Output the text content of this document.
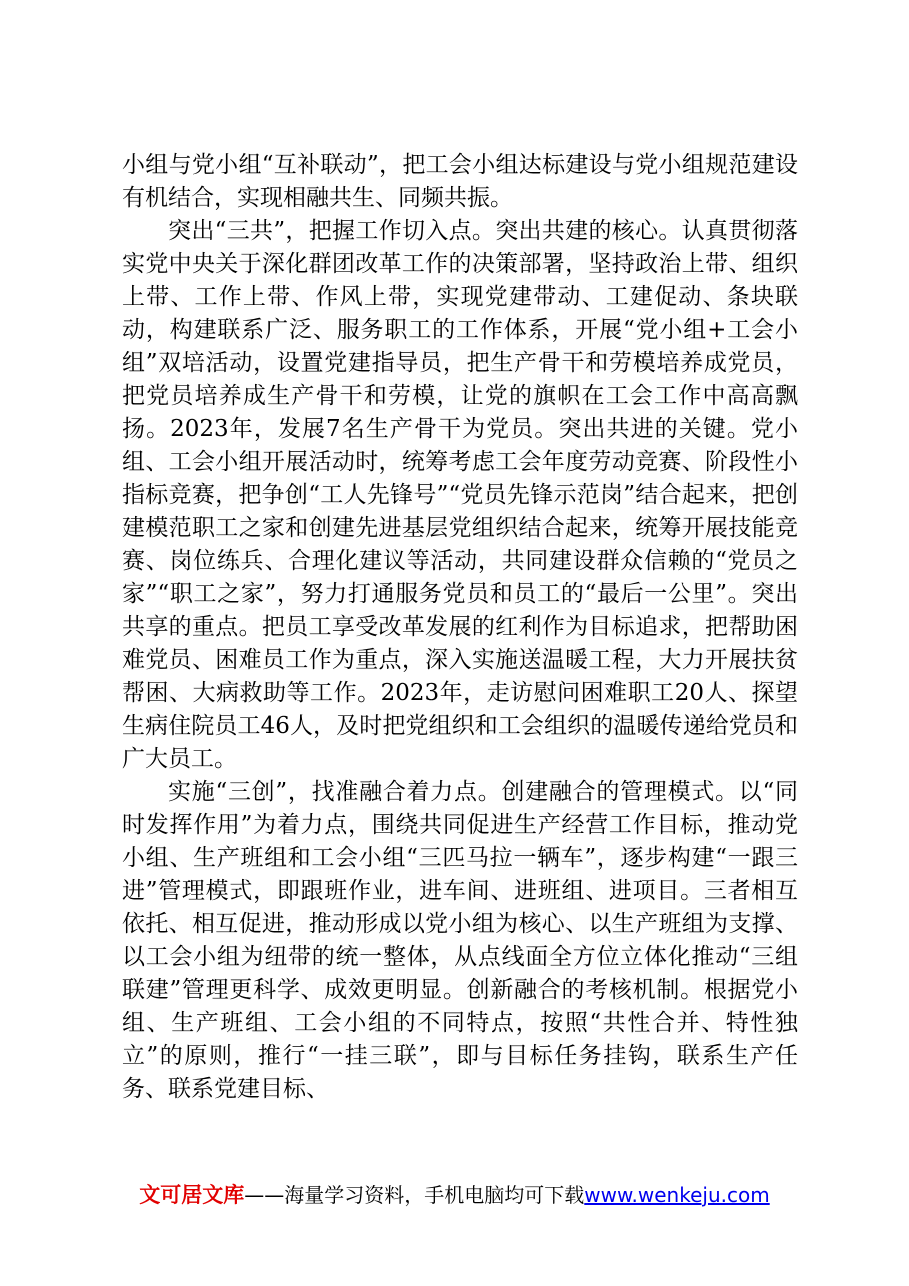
小组与党小组“互补联动”，把工会小组达标建设与党小组规范建设有机结合，实现相融共生、同频共振。

突出“三共”，把握工作切入点。突出共建的核心。认真贯彻落实党中央关于深化群团改革工作的决策部署，坚持政治上带、组织上带、工作上带、作风上带，实现党建带动、工建促动、条块联动，构建联系广泛、服务职工的工作体系，开展“党小组+工会小组”双培活动，设置党建指导员，把生产骨干和劳模培养成党员，把党员培养成生产骨干和劳模，让党的旗帜在工会工作中高高飘扬。2023年，发展7名生产骨干为党员。突出共进的关键。党小组、工会小组开展活动时，统筹考虑工会年度劳动竞赛、阶段性小指标竞赛，把争创“工人先锋号”“党员先锋示范岗”结合起来，把创建模范职工之家和创建先进基层党组织结合起来，统筹开展技能竞赛、岗位练兵、合理化建议等活动，共同建设群众信赖的“党员之家”“职工之家”，努力打通服务党员和员工的“最后一公里”。突出共享的重点。把员工享受改革发展的红利作为目标追求，把帮助困难党员、困难员工作为重点，深入实施送温暖工程，大力开展扶贫帮困、大病救助等工作。2023年，走访慰问困难职工20人、探望生病住院员工46人，及时把党组织和工会组织的温暖传递给党员和广大员工。

实施“三创”，找准融合着力点。创建融合的管理模式。以“同时发挥作用”为着力点，围绕共同促进生产经营工作目标，推动党小组、生产班组和工会小组“三匹马拉一辆车”，逐步构建“一跟三进”管理模式，即跟班作业，进车间、进班组、进项目。三者相互依托、相互促进，推动形成以党小组为核心、以生产班组为支撑、以工会小组为纽带的统一整体，从点线面全方位立体化推动“三组联建”管理更科学、成效更明显。创新融合的考核机制。根据党小组、生产班组、工会小组的不同特点，按照“共性合并、特性独立”的原则，推行“一挂三联”，即与目标任务挂钩，联系生产任务、联系党建目标、

文可居文库——海量学习资料，手机电脑均可下载www.wenkeju.com
